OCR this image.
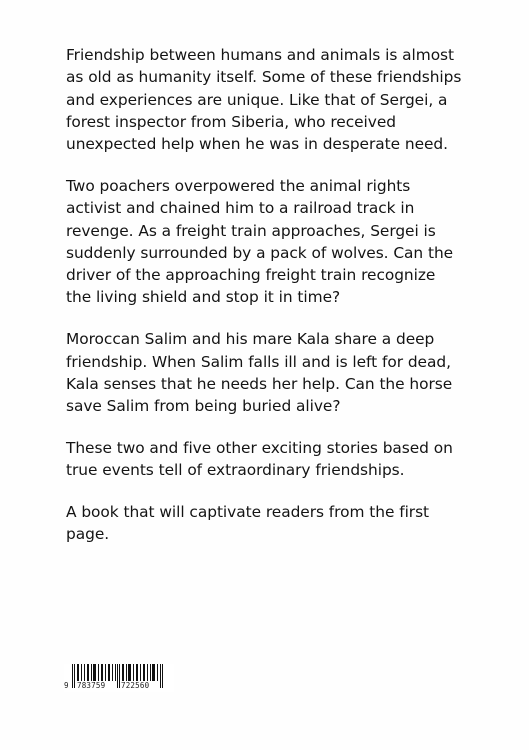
Friendship between humans and animals is almost
as old as humanity itself. Some of these friendships
and experiences are unique. Like that of Sergei, a
forest inspector from Siberia, who received
unexpected help when he was in desperate need.

Two poachers overpowered the animal rights
activist and chained him to a railroad track in
revenge. As a freight train approaches, Sergei is
suddenly surrounded by a pack of wolves. Can the
driver of the approaching freight train recognize
the living shield and stop it in time?

Moroccan Salim and his mare Kala share a deep
friendship. When Salim falls ill and is left for dead,
Kala senses that he needs her help. Can the horse
save Salim from being buried alive?

These two and five other exciting stories based on
true events tell of extraordinary friendships.

A book that will captivate readers from the first
page.

9 783759 722560
